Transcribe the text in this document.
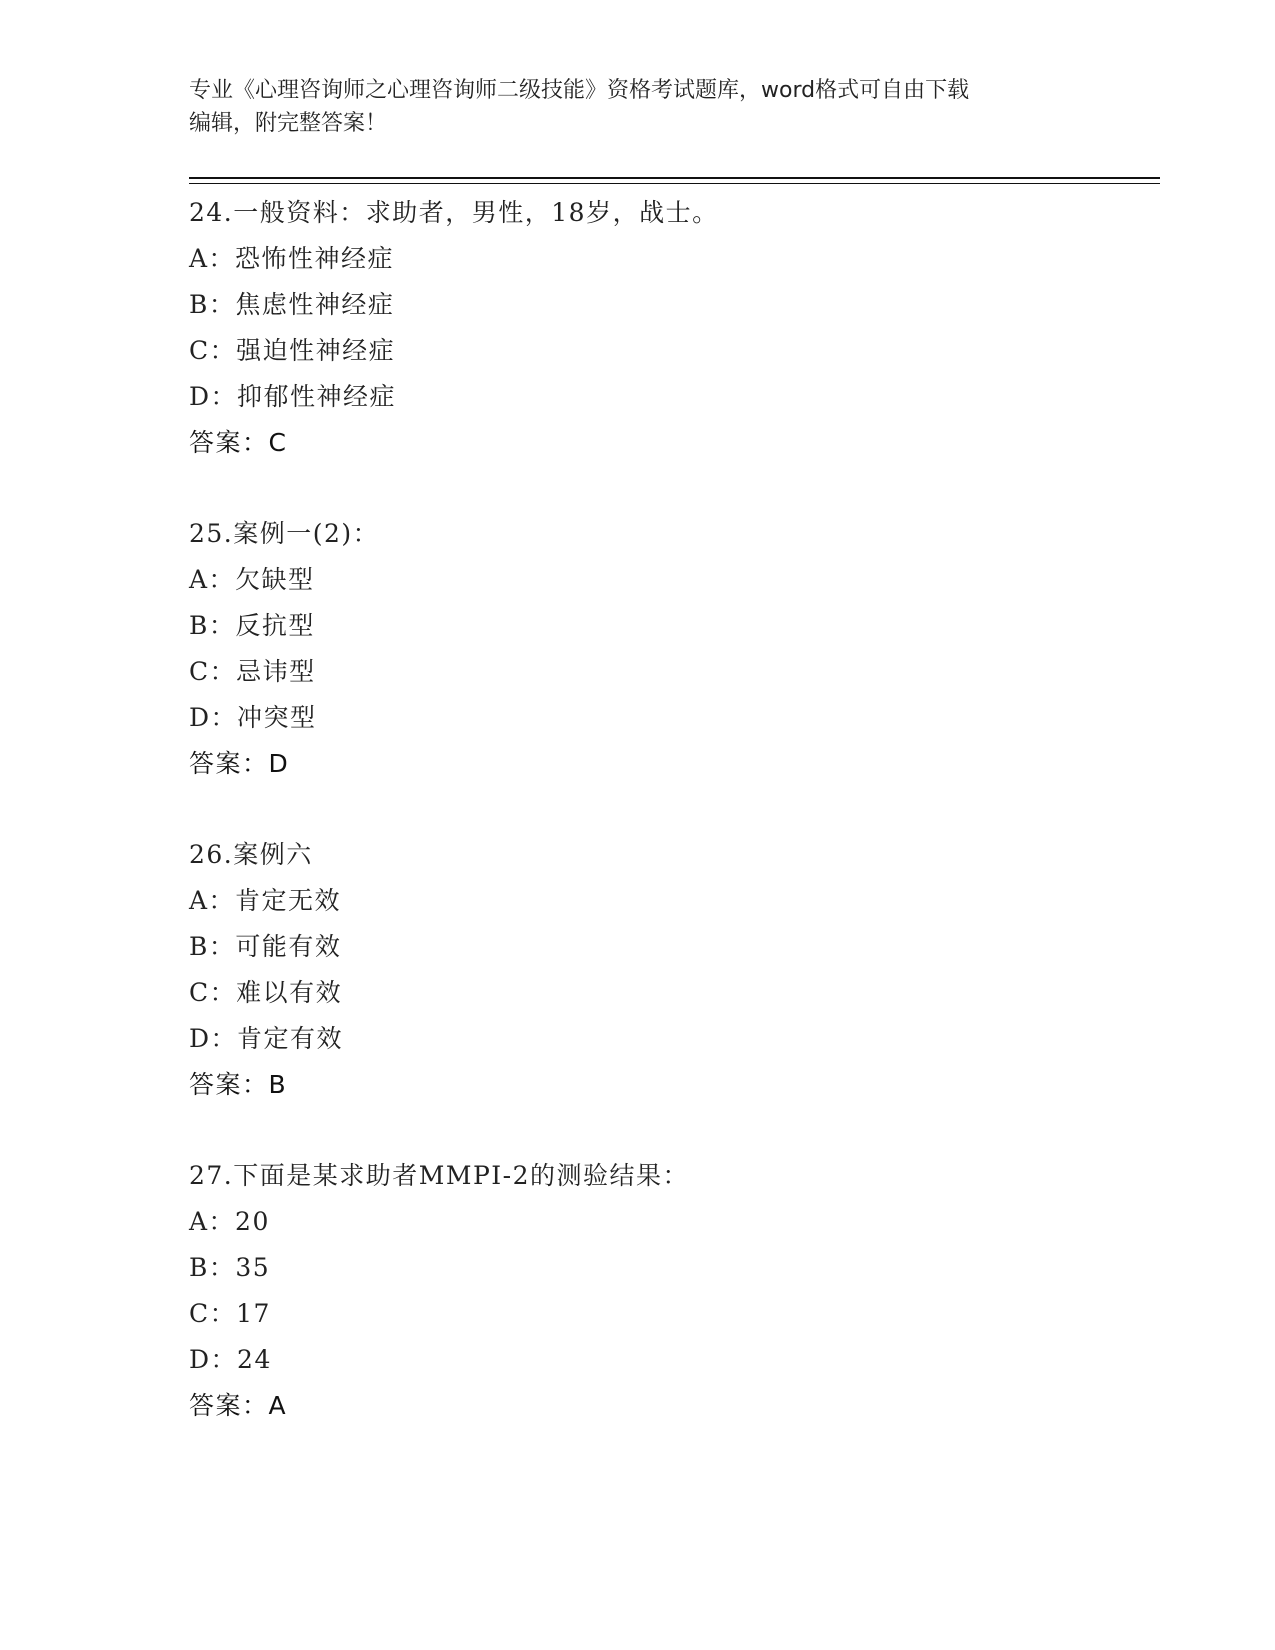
专业《心理咨询师之心理咨询师二级技能》资格考试题库，word格式可自由下载
编辑，附完整答案！
24.一般资料：求助者，男性，18岁，战士。
A：恐怖性神经症
B：焦虑性神经症
C：强迫性神经症
D：抑郁性神经症
答案：C
25.案例一(2)：
A：欠缺型
B：反抗型
C：忌讳型
D：冲突型
答案：D
26.案例六
A：肯定无效
B：可能有效
C：难以有效
D：肯定有效
答案：B
27.下面是某求助者MMPI-2的测验结果：
A：20
B：35
C：17
D：24
答案：A
